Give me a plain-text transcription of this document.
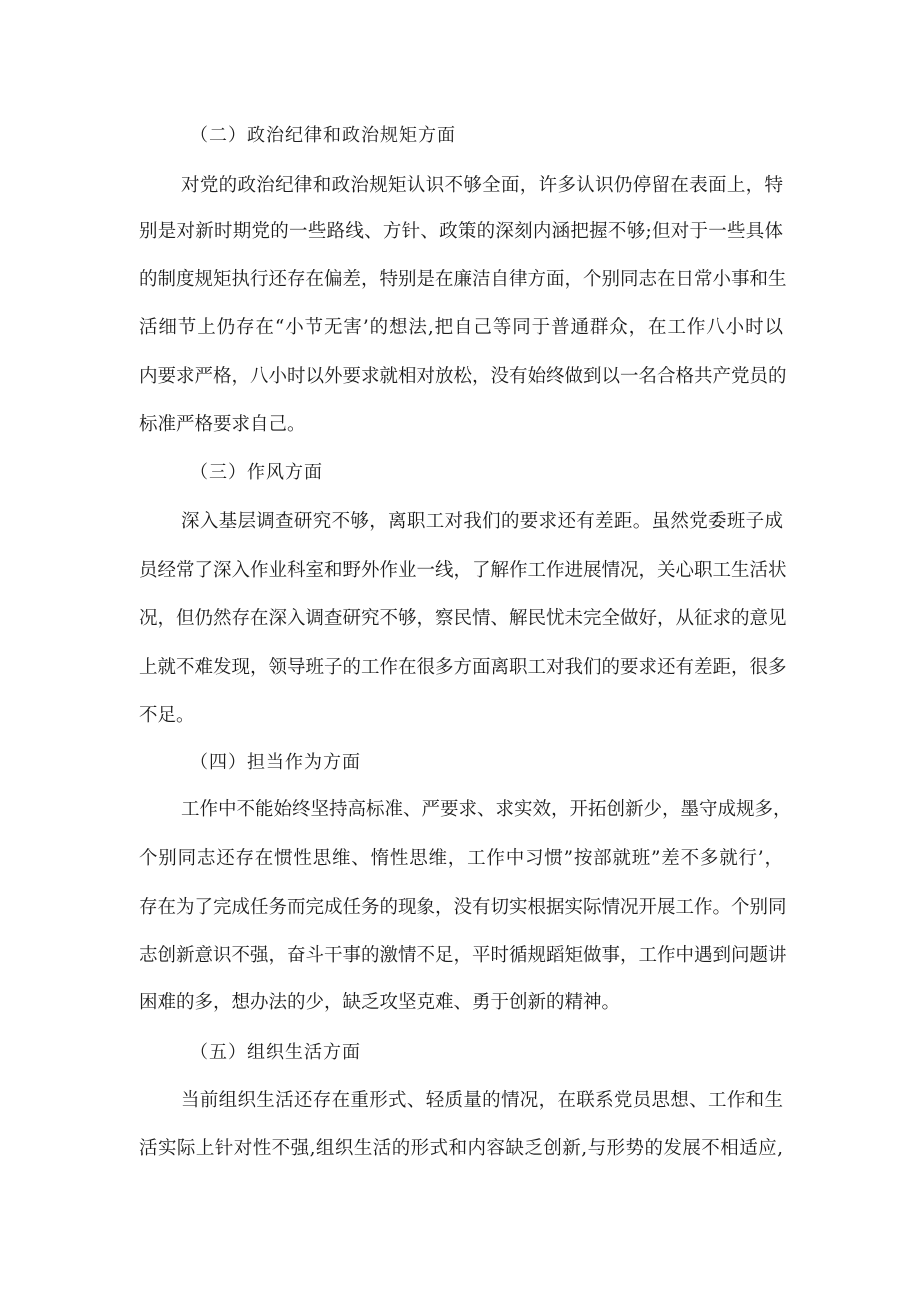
（二）政治纪律和政治规矩方面
对党的政治纪律和政治规矩认识不够全面，许多认识仍停留在表面上，特
别是对新时期党的一些路线、方针、政策的深刻内涵把握不够;但对于一些具体
的制度规矩执行还存在偏差，特别是在廉洁自律方面，个别同志在日常小事和生
活细节上仍存在“小节无害’的想法,把自己等同于普通群众，在工作八小时以
内要求严格，八小时以外要求就相对放松，没有始终做到以一名合格共产党员的
标准严格要求自己。
（三）作风方面
深入基层调查研究不够，离职工对我们的要求还有差距。虽然党委班子成
员经常了深入作业科室和野外作业一线，了解作工作进展情况，关心职工生活状
况，但仍然存在深入调查研究不够，察民情、解民忧未完全做好，从征求的意见
上就不难发现，领导班子的工作在很多方面离职工对我们的要求还有差距，很多
不足。
（四）担当作为方面
工作中不能始终坚持高标准、严要求、求实效，开拓创新少，墨守成规多，
个别同志还存在惯性思维、惰性思维，工作中习惯”按部就班”差不多就行’，
存在为了完成任务而完成任务的现象，没有切实根据实际情况开展工作。个别同
志创新意识不强，奋斗干事的激情不足，平时循规蹈矩做事，工作中遇到问题讲
困难的多，想办法的少，缺乏攻坚克难、勇于创新的精神。
（五）组织生活方面
当前组织生活还存在重形式、轻质量的情况，在联系党员思想、工作和生
活实际上针对性不强,组织生活的形式和内容缺乏创新,与形势的发展不相适应,
